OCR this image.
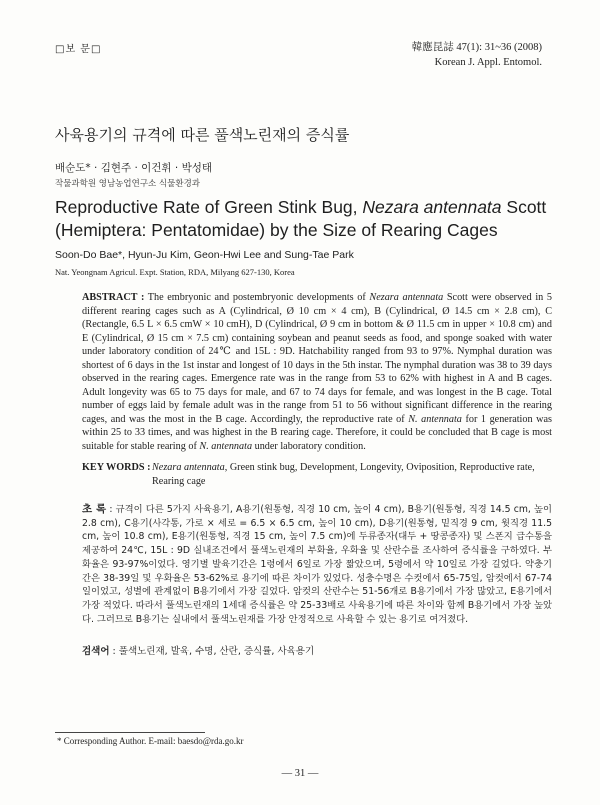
□보 문□	韓應昆誌 47(1): 31~36 (2008)
Korean J. Appl. Entomol.
사육용기의 규격에 따른 풀색노린재의 증식률
배순도* · 김현주 · 이건휘 · 박성태
작물과학원 영남농업연구소 식물환경과
Reproductive Rate of Green Stink Bug, Nezara antennata Scott (Hemiptera: Pentatomidae) by the Size of Rearing Cages
Soon-Do Bae*, Hyun-Ju Kim, Geon-Hwi Lee and Sung-Tae Park
Nat. Yeongnam Agricul. Expt. Station, RDA, Milyang 627-130, Korea
ABSTRACT : The embryonic and postembryonic developments of Nezara antennata Scott were observed in 5 different rearing cages such as A (Cylindrical, Ø 10 cm × 4 cm), B (Cylindrical, Ø 14.5 cm × 2.8 cm), C (Rectangle, 6.5 L × 6.5 cmW × 10 cmH), D (Cylindrical, Ø 9 cm in bottom & Ø 11.5 cm in upper × 10.8 cm) and E (Cylindrical, Ø 15 cm × 7.5 cm) containing soybean and peanut seeds as food, and sponge soaked with water under laboratory condition of 24℃ and 15L : 9D. Hatchability ranged from 93 to 97%. Nymphal duration was shortest of 6 days in the 1st instar and longest of 10 days in the 5th instar. The nymphal duration was 38 to 39 days observed in the rearing cages. Emergence rate was in the range from 53 to 62% with highest in A and B cages. Adult longevity was 65 to 75 days for male, and 67 to 74 days for female, and was longest in the B cage. Total number of eggs laid by female adult was in the range from 51 to 56 without significant difference in the rearing cages, and was the most in the B cage. Accordingly, the reproductive rate of N. antennata for 1 generation was within 25 to 33 times, and was highest in the B rearing cage. Therefore, it could be concluded that B cage is most suitable for stable rearing of N. antennata under laboratory condition.
KEY WORDS : Nezara antennata, Green stink bug, Development, Longevity, Oviposition, Reproductive rate, Rearing cage
초 록 : 규격이 다른 5가지 사육용기, A용기(원통형, 직경 10 cm, 높이 4 cm), B용기(원통형, 직경 14.5 cm, 높이 2.8 cm), C용기(사각통, 가로 × 세로 = 6.5 × 6.5 cm, 높이 10 cm), D용기(원통형, 밑직경 9 cm, 윗직경 11.5 cm, 높이 10.8 cm), E용기(원통형, 직경 15 cm, 높이 7.5 cm)에 두류종자(대두 + 땅콩종자) 및 스폰지 급수통을 제공하여 24℃, 15L : 9D 실내조건에서 풀색노린재의 부화율, 우화율 및 산란수를 조사하여 증식률을 구하였다. 부화율은 93-97%이었다. 영기별 발육기간은 1령에서 6일로 가장 짧았으며, 5령에서 약 10일로 가장 길었다. 약충기간은 38-39일 및 우화율은 53-62%로 용기에 따른 차이가 있었다. 성충수명은 수컷에서 65-75일, 암컷에서 67-74일이었고, 성별에 관계없이 B용기에서 가장 길었다. 암컷의 산란수는 51-56개로 B용기에서 가장 많았고, E용기에서 가장 적었다. 따라서 풀색노린재의 1세대 증식률은 약 25-33배로 사육용기에 따른 차이와 함께 B용기에서 가장 높았다. 그러므로 B용기는 실내에서 풀색노린재를 가장 안정적으로 사육할 수 있는 용기로 여겨졌다.
검색어 : 풀색노린재, 발육, 수명, 산란, 증식률, 사육용기
* Corresponding Author. E-mail: baesdo@rda.go.kr
— 31 —
